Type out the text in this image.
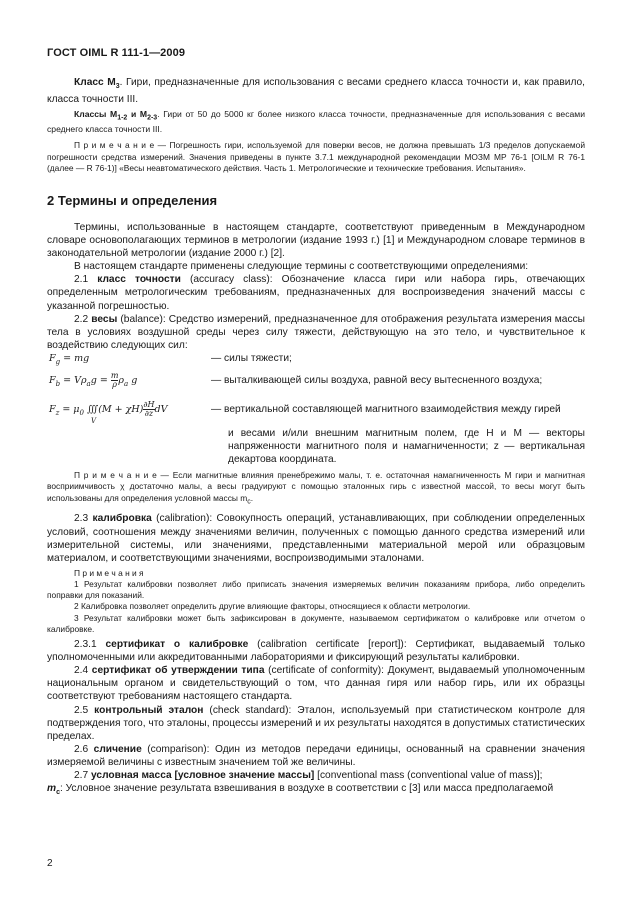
ГОСТ OIML R 111-1—2009

Класс $M_3$. Гири, предназначенные для использования с весами среднего класса точности и, как правило, класса точности III.

Классы $M_{1-2}$ и $M_{2-3}$. Гири от 50 до 5000 кг более низкого класса точности, предназначенные для использования с весами среднего класса точности III.

П р и м е ч а н и е — Погрешность гири, используемой для поверки весов, не должна превышать 1/3 пределов допускаемой погрешности средства измерений. Значения приведены в пункте 3.7.1 международной рекомендации МОЗМ МР 76-1 [OILM R 76-1 (далее — R 76-1)] «Весы неавтоматического действия. Часть 1. Метрологические и технические требования. Испытания».

2 Термины и определения

Термины, использованные в настоящем стандарте, соответствуют приведенным в Международном словаре основополагающих терминов в метрологии (издание 1993 г.) [1] и Международном словаре терминов в законодательной метрологии (издание 2000 г.) [2].

В настоящем стандарте применены следующие термины с соответствующими определениями:

2.1 класс точности (accuracy class): Обозначение класса гири или набора гирь, отвечающих определенным метрологическим требованиям, предназначенных для воспроизведения значений массы с указанной погрешностью.

2.2 весы (balance): Средство измерений, предназначенное для отображения результата измерения массы тела в условиях воздушной среды через силу тяжести, действующую на это тело, и чувствительное к воздействию следующих сил:

$F_g$ = mg	— силы тяжести;
$F_b = V\rho_ag = \frac{m}{\rho} \rho_a$ g	— выталкивающей силы воздуха, равной весу вытесненного воздуха;
$F_z = \mu_0$ ∭(M + $\chi H) \frac{\partial H}{\partial z}$ dV
V
— вертикальной составляющей магнитного взаимодействия между гирей

и весами и/или внешним магнитным полем, где H и M — векторы напряженности магнитного поля и намагниченности; z — вертикальная декартова координата.

П р и м е ч а н и е — Если магнитные влияния пренебрежимо малы, т. е. остаточная намагниченность M гири и магнитная восприимчивость χ достаточно малы, а весы градуируют с помощью эталонных гирь с известной массой, то весы могут быть использованы для определения условной массы $m_c$.

2.3 калибровка (calibration): Совокупность операций, устанавливающих, при соблюдении определенных условий, соотношения между значениями величин, полученных с помощью данного средства измерений или измерительной системы, или значениями, представленными материальной мерой или образцовым материалом, и соответствующими значениями, воспроизводимыми эталонами.

П р и м е ч а н и я

1 Результат калибровки позволяет либо приписать значения измеряемых величин показаниям прибора, либо определить поправки для показаний.

2 Калибровка позволяет определить другие влияющие факторы, относящиеся к области метрологии.

3 Результат калибровки может быть зафиксирован в документе, называемом сертификатом о калибровке или отчетом о калибровке.

2.3.1 сертификат о калибровке (calibration certificate [report]): Сертификат, выдаваемый только уполномоченными или аккредитованными лабораториями и фиксирующий результаты калибровки.

2.4 сертификат об утверждении типа (certificate of conformity): Документ, выдаваемый уполномоченным национальным органом и свидетельствующий о том, что данная гиря или набор гирь, или их образцы соответствуют требованиям настоящего стандарта.

2.5 контрольный эталон (check standard): Эталон, используемый при статистическом контроле для подтверждения того, что эталоны, процессы измерений и их результаты находятся в допустимых статистических пределах.

2.6 сличение (comparison): Один из методов передачи единицы, основанный на сравнении значения измеряемой величины с известным значением той же величины.

2.7 условная масса [условное значение массы] [conventional mass (conventional value of mass)];

$m_c$: Условное значение результата взвешивания в воздухе в соответствии с [3] или масса предполагаемой

2
